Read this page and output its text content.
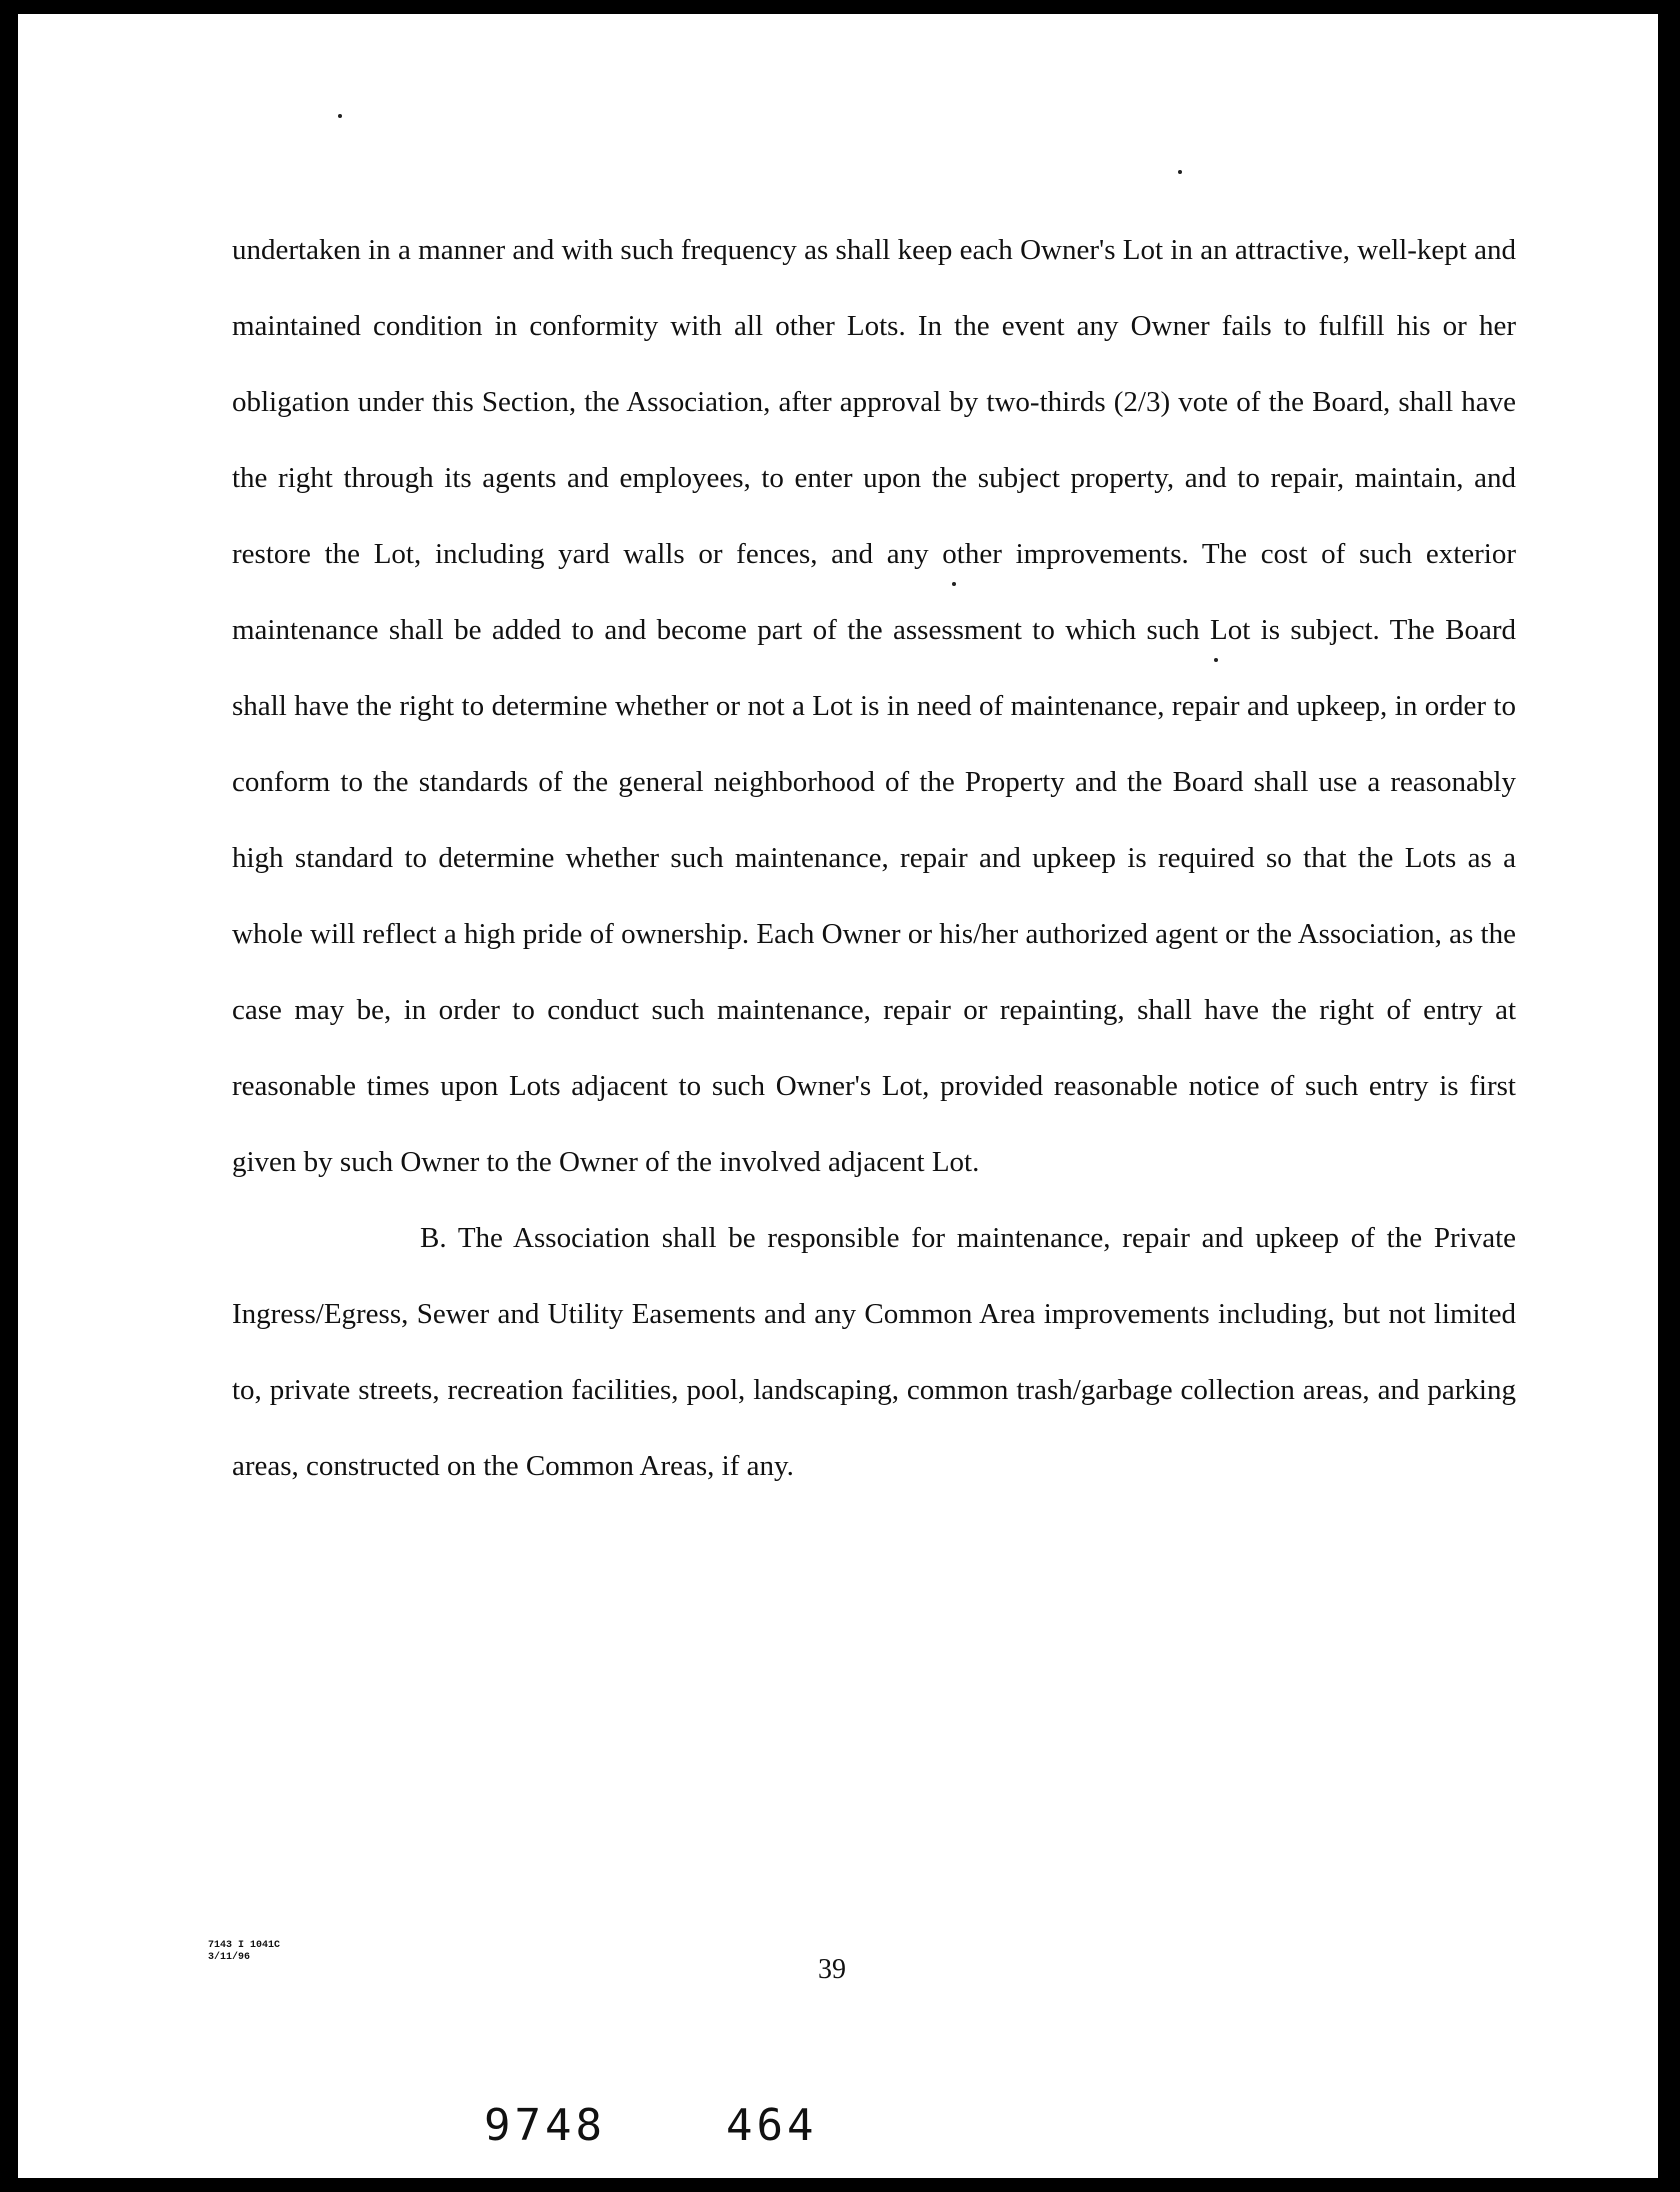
undertaken in a manner and with such frequency as shall keep each Owner's Lot in an attractive, well-kept and maintained condition in conformity with all other Lots. In the event any Owner fails to fulfill his or her obligation under this Section, the Association, after approval by two-thirds (2/3) vote of the Board, shall have the right through its agents and employees, to enter upon the subject property, and to repair, maintain, and restore the Lot, including yard walls or fences, and any other improvements. The cost of such exterior maintenance shall be added to and become part of the assessment to which such Lot is subject. The Board shall have the right to determine whether or not a Lot is in need of maintenance, repair and upkeep, in order to conform to the standards of the general neighborhood of the Property and the Board shall use a reasonably high standard to determine whether such maintenance, repair and upkeep is required so that the Lots as a whole will reflect a high pride of ownership. Each Owner or his/her authorized agent or the Association, as the case may be, in order to conduct such maintenance, repair or repainting, shall have the right of entry at reasonable times upon Lots adjacent to such Owner's Lot, provided reasonable notice of such entry is first given by such Owner to the Owner of the involved adjacent Lot.

B. The Association shall be responsible for maintenance, repair and upkeep of the Private Ingress/Egress, Sewer and Utility Easements and any Common Area improvements including, but not limited to, private streets, recreation facilities, pool, landscaping, common trash/garbage collection areas, and parking areas, constructed on the Common Areas, if any.

7143 I 1041C
3/11/96	39
9748	464
